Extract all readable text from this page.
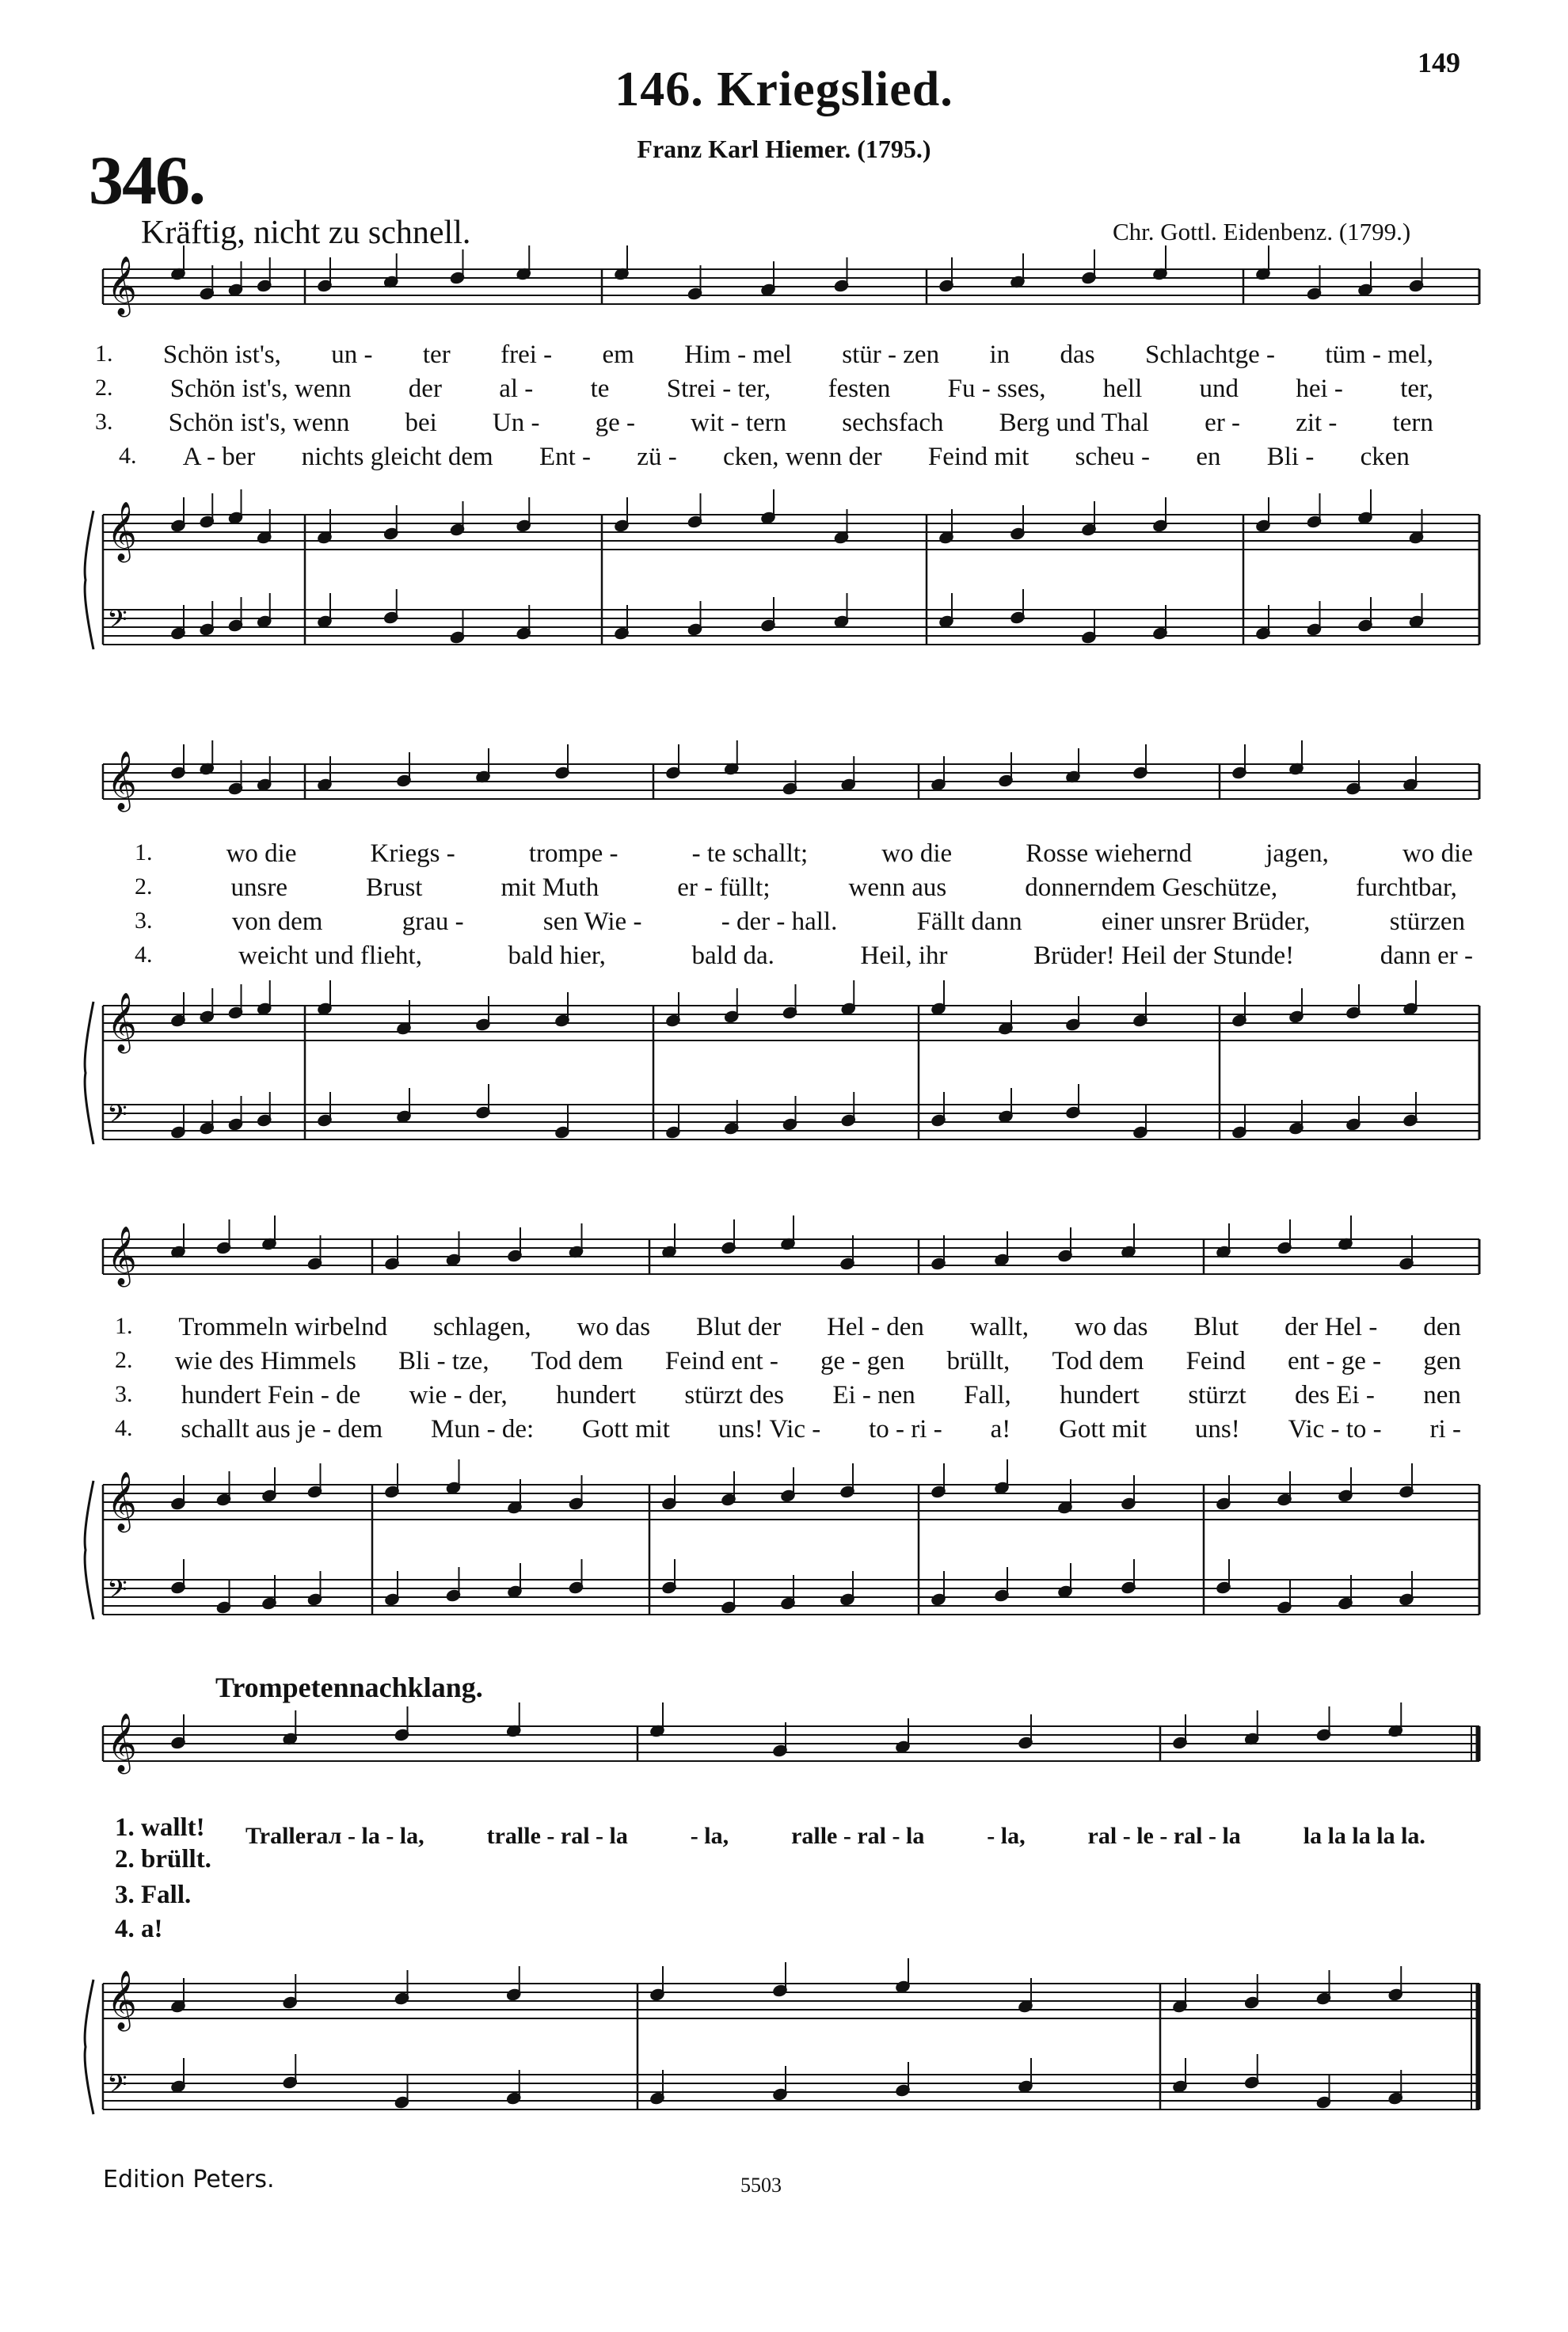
149
146. Kriegslied.
Franz Karl Hiemer. (1795.)
346.
Kräftig, nicht zu schnell.	Chr. Gottl. Eidenbenz. (1799.)
𝄞
𝄞
𝄢
𝄞
𝄞
𝄢
𝄞
𝄞
𝄢
𝄞
𝄞
𝄢
1. Schön ist's, un - ter frei - em Him - mel stür - zen in das Schlachtge - tüm - mel,
2. Schön ist's, wenn der al - te Strei - ter, festen Fu - sses, hell und hei - ter,
3. Schön ist's, wenn bei Un - ge - wit - tern sechsfach Berg und Thal er - zit - tern
4. A - ber nichts gleicht dem Ent - zü - cken, wenn der Feind mit scheu - en Bli - cken
1.	wo die	Kriegs -	trompe -	- te schallt;	wo die	Rosse wiehernd	jagen,	wo die
2.	unsre	Brust	mit Muth	er - füllt;	wenn aus	donnerndem Geschütze,	furchtbar,
3.	von dem	grau -	sen Wie -	- der - hall.	Fällt dann	einer unsrer Brüder,	stürzen
4.	weicht und flieht,	bald hier,	bald da.	Heil, ihr	Brüder! Heil der Stunde!	dann er -
1. Trommeln wirbelnd schlagen, wo das Blut der Hel - den wallt, wo das Blut der Hel - den
2. wie des Himmels Bli - tze, Tod dem Feind ent - ge - gen brüllt, Tod dem Feind ent - ge - gen
3. hundert Fein - de wie - der, hundert stürzt des Ei - nen Fall, hundert stürzt des Ei - nen
4. schallt aus je - dem Mun - de: Gott mit uns! Vic - to - ri - a! Gott mit uns! Vic - to - ri -
Trompetennachklang.
1. wallt!
2. brüllt.
3. Fall.
4. a!
Trallerал - la - la,	tralle - ral - la	- la,	ralle - ral - la	- la,	ral - le - ral - la	la la la la la.
Edition Peters.	5503
